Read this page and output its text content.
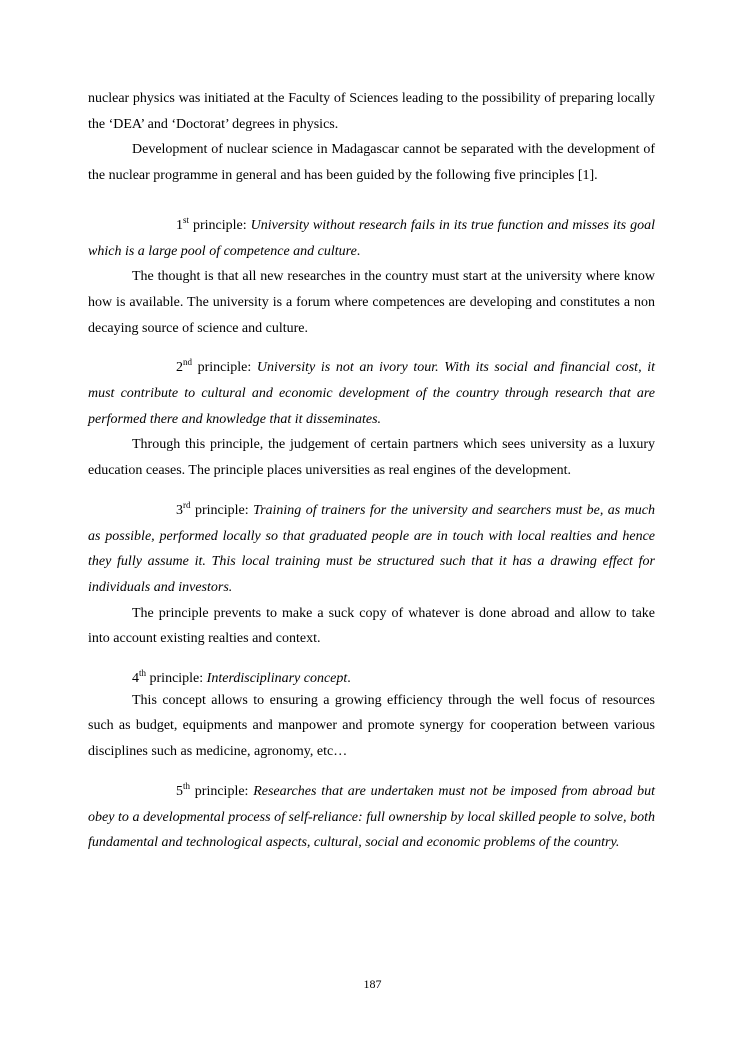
nuclear physics was initiated at the Faculty of Sciences leading to the possibility of preparing locally the ‘DEA’ and ‘Doctorat’ degrees in physics.

Development of nuclear science in Madagascar cannot be separated with the development of the nuclear programme in general and has been guided by the following five principles [1].

1st principle: University without research fails in its true function and misses its goal which is a large pool of competence and culture.

The thought is that all new researches in the country must start at the university where know how is available. The university is a forum where competences are developing and constitutes a non decaying source of science and culture.

2nd principle: University is not an ivory tour. With its social and financial cost, it must contribute to cultural and economic development of the country through research that are performed there and knowledge that it disseminates.

Through this principle, the judgement of certain partners which sees university as a luxury education ceases. The principle places universities as real engines of the development.

3rd principle: Training of trainers for the university and searchers must be, as much as possible, performed locally so that graduated people are in touch with local realties and hence they fully assume it. This local training must be structured such that it has a drawing effect for individuals and investors.

The principle prevents to make a suck copy of whatever is done abroad and allow to take into account existing realties and context.

4th principle: Interdisciplinary concept.

This concept allows to ensuring a growing efficiency through the well focus of resources such as budget, equipments and manpower and promote synergy for cooperation between various disciplines such as medicine, agronomy, etc…

5th principle: Researches that are undertaken must not be imposed from abroad but obey to a developmental process of self-reliance: full ownership by local skilled people to solve, both fundamental and technological aspects, cultural, social and economic problems of the country.

187
